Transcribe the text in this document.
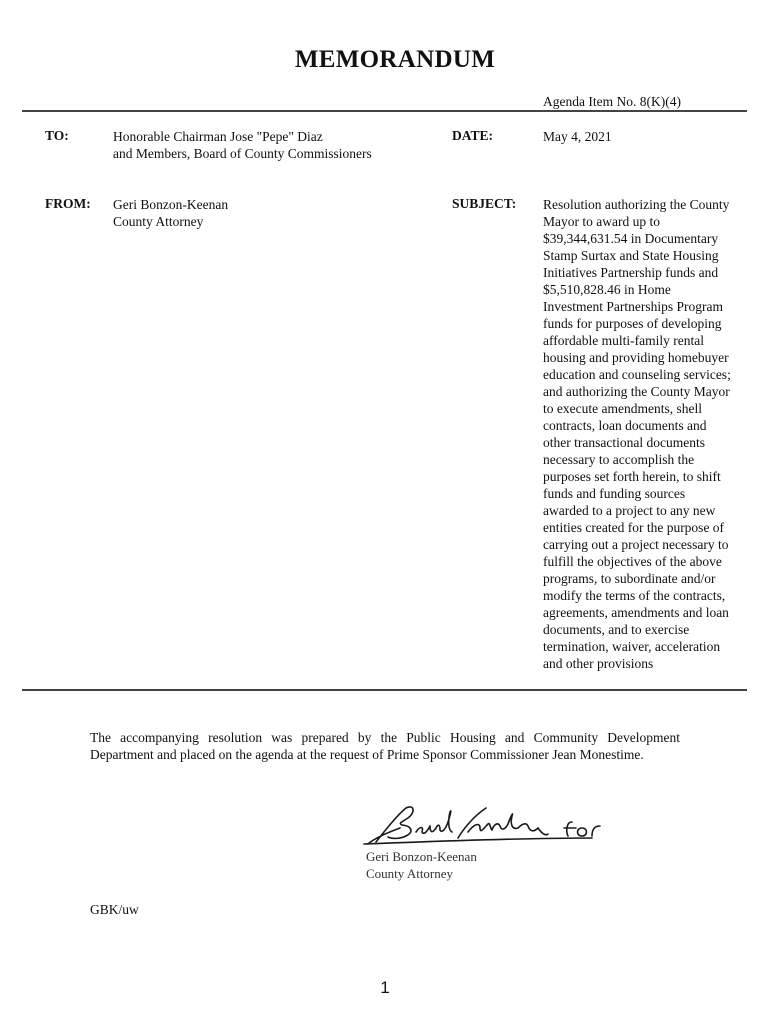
MEMORANDUM
Agenda Item No. 8(K)(4)
TO:	Honorable Chairman Jose "Pepe" Diaz
and Members, Board of County Commissioners
DATE:	May 4, 2021
FROM: Geri Bonzon-Keenan
County Attorney
SUBJECT: Resolution authorizing the County
Mayor to award up to
$39,344,631.54 in Documentary
Stamp Surtax and State Housing
Initiatives Partnership funds and
$5,510,828.46 in Home
Investment Partnerships Program
funds for purposes of developing
affordable multi-family rental
housing and providing homebuyer
education and counseling services;
and authorizing the County Mayor
to execute amendments, shell
contracts, loan documents and
other transactional documents
necessary to accomplish the
purposes set forth herein, to shift
funds and funding sources
awarded to a project to any new
entities created for the purpose of
carrying out a project necessary to
fulfill the objectives of the above
programs, to subordinate and/or
modify the terms of the contracts,
agreements, amendments and loan
documents, and to exercise
termination, waiver, acceleration
and other provisions
The accompanying resolution was prepared by the Public Housing and Community Development Department and placed on the agenda at the request of Prime Sponsor Commissioner Jean Monestime.
Geri Bonzon-Keenan
County Attorney
GBK/uw
1
